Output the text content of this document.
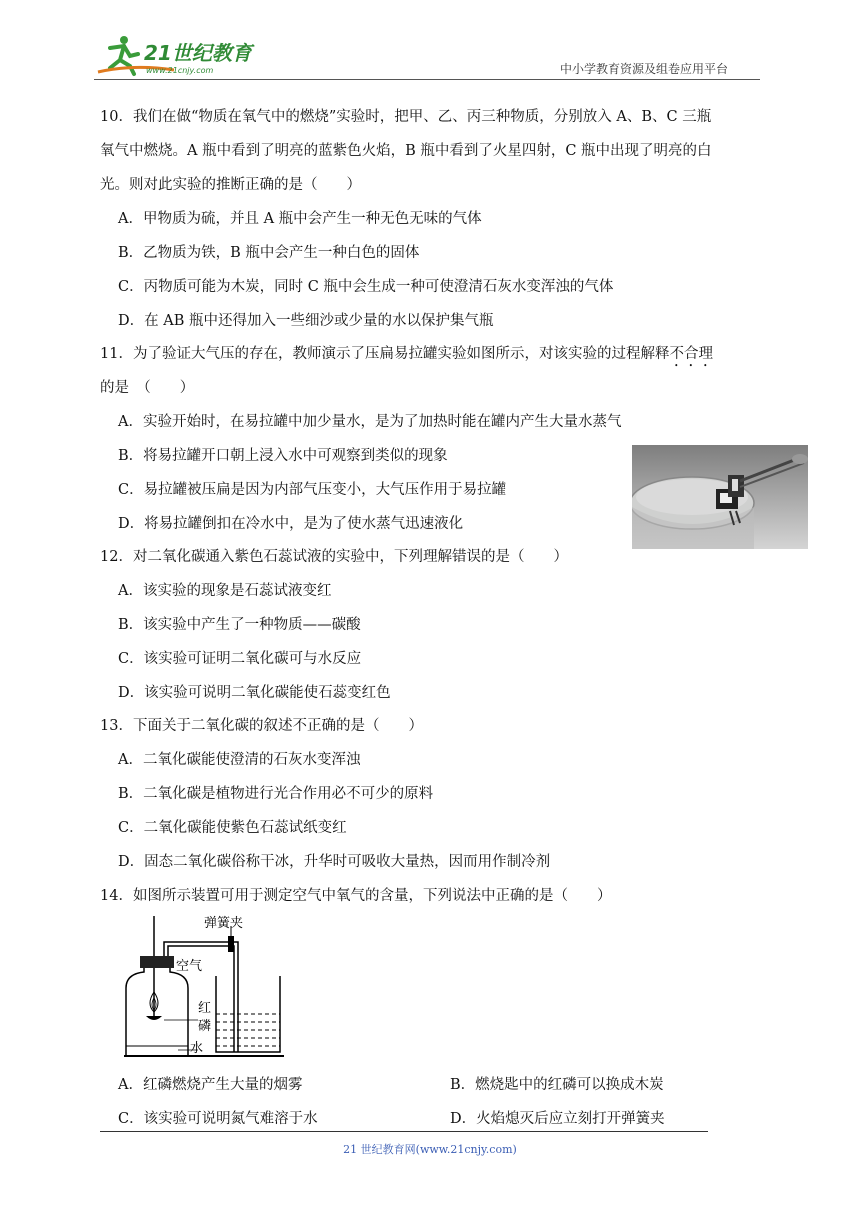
21世纪教育
www.21cnjy.com	中小学教育资源及组卷应用平台
10．我们在做“物质在氧气中的燃烧”实验时，把甲、乙、丙三种物质，分别放入 A、B、C 三瓶
氧气中燃烧。A 瓶中看到了明亮的蓝紫色火焰，B 瓶中看到了火星四射，C 瓶中出现了明亮的白
光。则对此实验的推断正确的是（　　）
A．甲物质为硫，并且 A 瓶中会产生一种无色无味的气体
B．乙物质为铁，B 瓶中会产生一种白色的固体
C．丙物质可能为木炭，同时 C 瓶中会生成一种可使澄清石灰水变浑浊的气体
D．在 AB 瓶中还得加入一些细沙或少量的水以保护集气瓶
11．为了验证大气压的存在，教师演示了压扁易拉罐实验如图所示，对该实验的过程解释不合理
的是　（　　）
A．实验开始时，在易拉罐中加少量水，是为了加热时能在罐内产生大量水蒸气
B．将易拉罐开口朝上浸入水中可观察到类似的现象
C．易拉罐被压扁是因为内部气压变小，大气压作用于易拉罐
D．将易拉罐倒扣在冷水中，是为了使水蒸气迅速液化
12．对二氧化碳通入紫色石蕊试液的实验中，下列理解错误的是（　　）
A．该实验的现象是石蕊试液变红
B．该实验中产生了一种物质——碳酸
C．该实验可证明二氧化碳可与水反应
D．该实验可说明二氧化碳能使石蕊变红色
13．下面关于二氧化碳的叙述不正确的是（　　）
A．二氧化碳能使澄清的石灰水变浑浊
B．二氧化碳是植物进行光合作用必不可少的原料
C．二氧化碳能使紫色石蕊试纸变红
D．固态二氧化碳俗称干冰，升华时可吸收大量热，因而用作制冷剂
14．如图所示装置可用于测定空气中氧气的含量，下列说法中正确的是（　　）
弹簧夹
空气
红
磷
水
A．红磷燃烧产生大量的烟雾	B．燃烧匙中的红磷可以换成木炭
C．该实验可说明氮气难溶于水	D．火焰熄灭后应立刻打开弹簧夹
21 世纪教育网(www.21cnjy.com)
